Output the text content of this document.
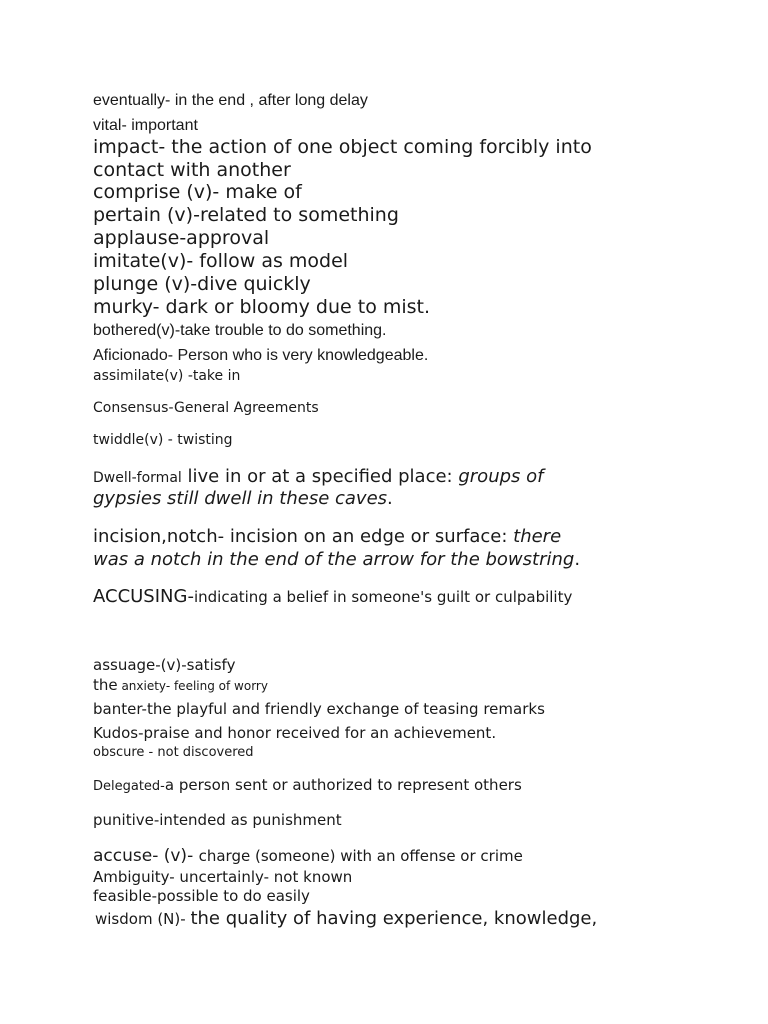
eventually- in the end , after long delay
vital- important
impact- the action of one object coming forcibly into
contact with another
comprise (v)- make of
pertain (v)-related to something
applause-approval
imitate(v)- follow as model
plunge (v)-dive quickly
murky- dark or bloomy due to mist.
bothered(v)-take trouble to do something.
Aficionado- Person who is very knowledgeable.
assimilate(v) -take in
Consensus-General Agreements
twiddle(v) - twisting
Dwell-formal live in or at a specified place: groups of
gypsies still dwell in these caves.
incision,notch- incision on an edge or surface: there
was a notch in the end of the arrow for the bowstring.
ACCUSING-indicating a belief in someone's guilt or culpability
assuage-(v)-satisfy
the anxiety- feeling of worry
banter-the playful and friendly exchange of teasing remarks
Kudos-praise and honor received for an achievement.
obscure - not discovered
Delegated-a person sent or authorized to represent others
punitive-intended as punishment
accuse- (v)- charge (someone) with an offense or crime
Ambiguity- uncertainly- not known
feasible-possible to do easily
wisdom (N)- the quality of having experience, knowledge,
